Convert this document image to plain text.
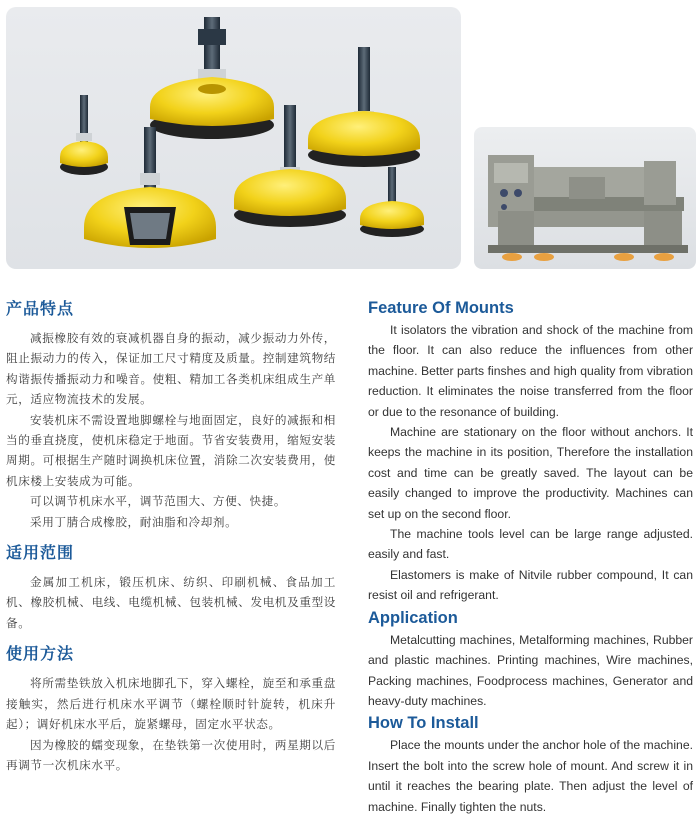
产品特点

减振橡胶有效的衰减机器自身的振动，减少振动力外传，阻止振动力的传入，保证加工尺寸精度及质量。控制建筑物结构谐振传播振动力和噪音。使粗、精加工各类机床组成生产单元，适应物流技术的发展。

安装机床不需设置地脚螺栓与地面固定，良好的减振和相当的垂直挠度，使机床稳定于地面。节省安装费用，缩短安装周期。可根据生产随时调换机床位置，消除二次安装费用，使机床楼上安装成为可能。

可以调节机床水平，调节范围大、方便、快捷。

采用丁腈合成橡胶，耐油脂和冷却剂。

适用范围

金属加工机床，锻压机床、纺织、印刷机械、食品加工机、橡胶机械、电线、电缆机械、包装机械、发电机及重型设备。

使用方法

将所需垫铁放入机床地脚孔下，穿入螺栓，旋至和承重盘接触实，然后进行机床水平调节（螺栓顺时针旋转，机床升起）；调好机床水平后，旋紧螺母，固定水平状态。

因为橡胶的蠕变现象，在垫铁第一次使用时，两星期以后再调节一次机床水平。

Feature Of Mounts

It isolators the vibration and shock of the machine from the floor. It can also reduce the influences from other machine. Better parts finshes and high quality from vibration reduction. It eliminates the noise transferred from the floor or due to the resonance of building.

Machine are stationary on the floor without anchors. It keeps the machine in its position, Therefore the installation cost and time can be greatly saved. The layout can be easily changed to improve the productivity. Machines can set up on the second floor.

The machine tools level can be large range adjusted. easily and fast.

Elastomers is make of Nitvile rubber compound, It can resist oil and refrigerant.

Application

Metalcutting machines, Metalforming machines, Rubber and plastic machines. Printing machines, Wire machines, Packing machines, Foodprocess machines, Generator and heavy-duty machines.

How To Install

Place the mounts under the anchor hole of the machine. Insert the bolt into the screw hole of mount. And screw it in until it reaches the bearing plate. Then adjust the level of machine. Finally tighten the nuts.
